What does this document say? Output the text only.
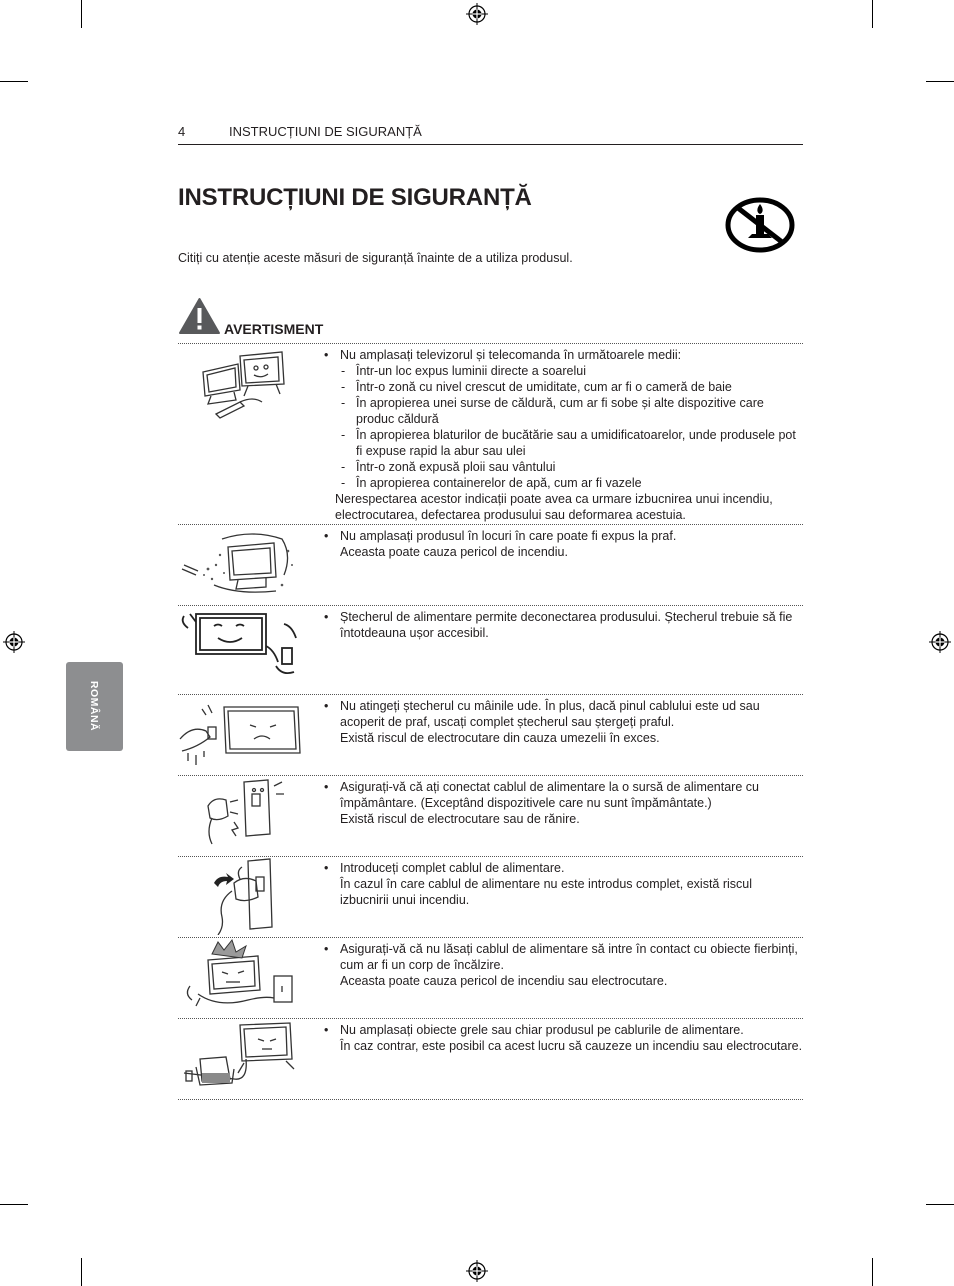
4	INSTRUCȚIUNI DE SIGURANȚĂ
INSTRUCȚIUNI DE SIGURANȚĂ
Citiți cu atenție aceste măsuri de siguranță înainte de a utiliza produsul.
AVERTISMENT
ROMÂNĂ
• Nu amplasați televizorul și telecomanda în următoarele medii:
- Într-un loc expus luminii directe a soarelui
- Într-o zonă cu nivel crescut de umiditate, cum ar fi o cameră de baie
- În apropierea unei surse de căldură, cum ar fi sobe și alte dispozitive care produc căldură
- În apropierea blaturilor de bucătărie sau a umidificatoarelor, unde produsele pot fi expuse rapid la abur sau ulei
- Într-o zonă expusă ploii sau vântului
- În apropierea containerelor de apă, cum ar fi vazele
Nerespectarea acestor indicații poate avea ca urmare izbucnirea unui incendiu, electrocutarea, defectarea produsului sau deformarea acestuia.
• Nu amplasați produsul în locuri în care poate fi expus la praf.
Aceasta poate cauza pericol de incendiu.
• Ștecherul de alimentare permite deconectarea produsului. Ștecherul trebuie să fie întotdeauna ușor accesibil.
• Nu atingeți ștecherul cu mâinile ude. În plus, dacă pinul cablului este ud sau acoperit de praf, uscați complet ștecherul sau ștergeți praful.
Există riscul de electrocutare din cauza umezelii în exces.
• Asigurați-vă că ați conectat cablul de alimentare la o sursă de alimentare cu împământare. (Exceptând dispozitivele care nu sunt împământate.)
Există riscul de electrocutare sau de rănire.
• Introduceți complet cablul de alimentare.
În cazul în care cablul de alimentare nu este introdus complet, există riscul izbucnirii unui incendiu.
• Asigurați-vă că nu lăsați cablul de alimentare să intre în contact cu obiecte fierbinți, cum ar fi un corp de încălzire.
Aceasta poate cauza pericol de incendiu sau electrocutare.
• Nu amplasați obiecte grele sau chiar produsul pe cablurile de alimentare.
În caz contrar, este posibil ca acest lucru să cauzeze un incendiu sau electrocutare.
